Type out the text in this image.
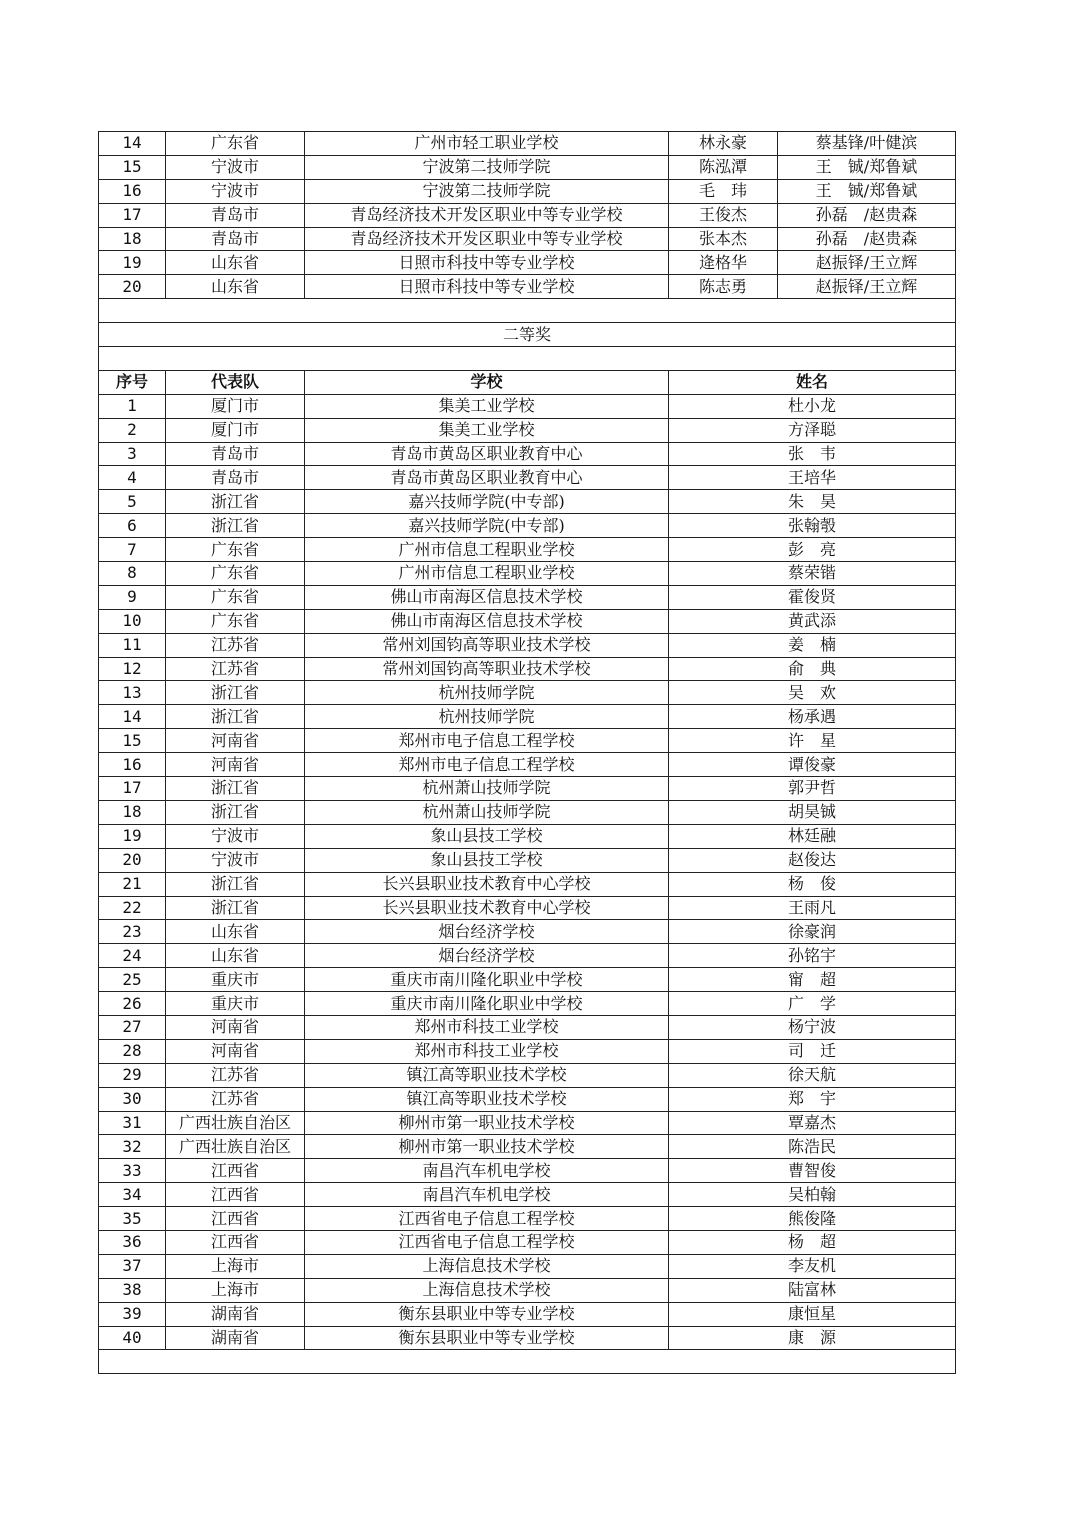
14	广东省	广州市轻工职业学校	林永豪	蔡基锋/叶健滨
15	宁波市	宁波第二技师学院	陈泓潭	王　铖/郑鲁斌
16	宁波市	宁波第二技师学院	毛　玮	王　铖/郑鲁斌
17	青岛市	青岛经济技术开发区职业中等专业学校	王俊杰	孙磊　/赵贵森
18	青岛市	青岛经济技术开发区职业中等专业学校	张本杰	孙磊　/赵贵森
19	山东省	日照市科技中等专业学校	逄格华	赵振铎/王立辉
20	山东省	日照市科技中等专业学校	陈志勇	赵振铎/王立辉
二等奖
序号	代表队	学校	姓名
1	厦门市	集美工业学校	杜小龙
2	厦门市	集美工业学校	方泽聪
3	青岛市	青岛市黄岛区职业教育中心	张　韦
4	青岛市	青岛市黄岛区职业教育中心	王培华
5	浙江省	嘉兴技师学院(中专部)	朱　昊
6	浙江省	嘉兴技师学院(中专部)	张翰彀
7	广东省	广州市信息工程职业学校	彭　亮
8	广东省	广州市信息工程职业学校	蔡荣锴
9	广东省	佛山市南海区信息技术学校	霍俊贤
10	广东省	佛山市南海区信息技术学校	黄武添
11	江苏省	常州刘国钧高等职业技术学校	姜　楠
12	江苏省	常州刘国钧高等职业技术学校	俞　典
13	浙江省	杭州技师学院	吴　欢
14	浙江省	杭州技师学院	杨承遇
15	河南省	郑州市电子信息工程学校	许　星
16	河南省	郑州市电子信息工程学校	谭俊豪
17	浙江省	杭州萧山技师学院	郭尹哲
18	浙江省	杭州萧山技师学院	胡昊铖
19	宁波市	象山县技工学校	林廷融
20	宁波市	象山县技工学校	赵俊达
21	浙江省	长兴县职业技术教育中心学校	杨　俊
22	浙江省	长兴县职业技术教育中心学校	王雨凡
23	山东省	烟台经济学校	徐豪润
24	山东省	烟台经济学校	孙铭宇
25	重庆市	重庆市南川隆化职业中学校	甯　超
26	重庆市	重庆市南川隆化职业中学校	广　学
27	河南省	郑州市科技工业学校	杨宁波
28	河南省	郑州市科技工业学校	司　迁
29	江苏省	镇江高等职业技术学校	徐天航
30	江苏省	镇江高等职业技术学校	郑　宇
31	广西壮族自治区	柳州市第一职业技术学校	覃嘉杰
32	广西壮族自治区	柳州市第一职业技术学校	陈浩民
33	江西省	南昌汽车机电学校	曹智俊
34	江西省	南昌汽车机电学校	吴柏翰
35	江西省	江西省电子信息工程学校	熊俊隆
36	江西省	江西省电子信息工程学校	杨　超
37	上海市	上海信息技术学校	李友机
38	上海市	上海信息技术学校	陆富林
39	湖南省	衡东县职业中等专业学校	康恒星
40	湖南省	衡东县职业中等专业学校	康　源
